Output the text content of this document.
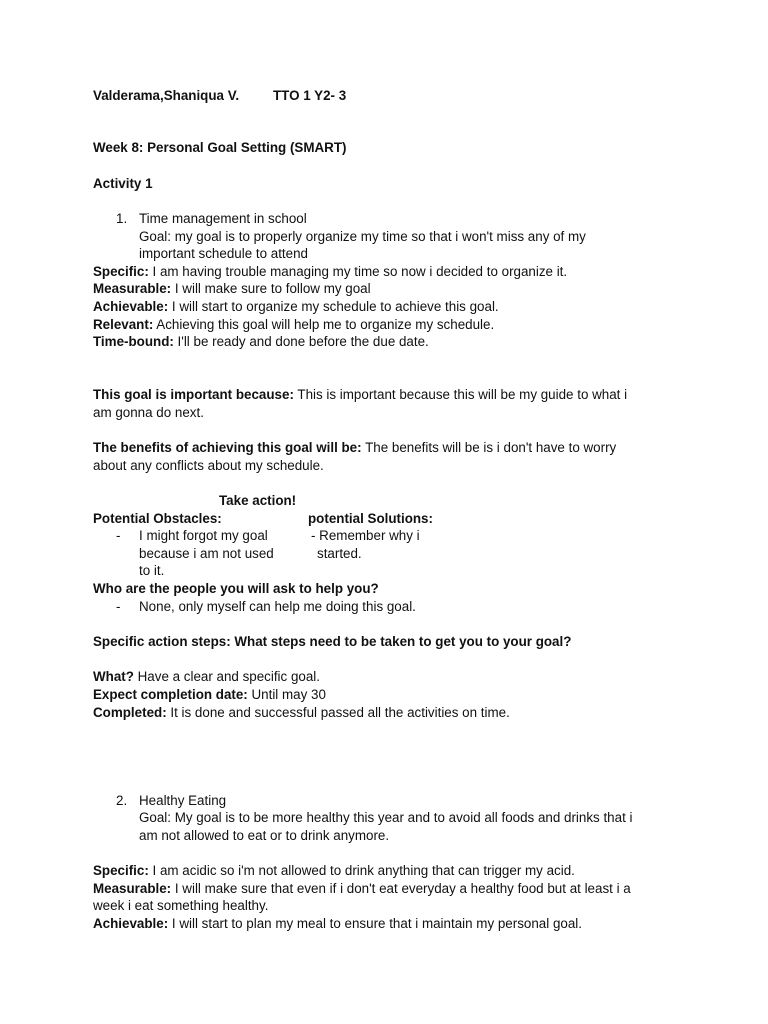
Valderama,Shaniqua V.	TTO 1 Y2- 3
Week 8: Personal Goal Setting (SMART)
Activity 1
1. Time management in school
Goal: my goal is to properly organize my time so that i won't miss any of my
important schedule to attend
Specific: I am having trouble managing my time so now i decided to organize it.
Measurable: I will make sure to follow my goal
Achievable: I will start to organize my schedule to achieve this goal.
Relevant: Achieving this goal will help me to organize my schedule.
Time-bound: I'll be ready and done before the due date.
This goal is important because: This is important because this will be my guide to what i
am gonna do next.
The benefits of achieving this goal will be: The benefits will be is i don't have to worry
about any conflicts about my schedule.
Take action!
Potential Obstacles:	potential Solutions:
- I might forgot my goal
because i am not used
to it.
- Remember why i
started.
Who are the people you will ask to help you?
- None, only myself can help me doing this goal.
Specific action steps: What steps need to be taken to get you to your goal?
What? Have a clear and specific goal.
Expect completion date: Until may 30
Completed: It is done and successful passed all the activities on time.
2. Healthy Eating
Goal: My goal is to be more healthy this year and to avoid all foods and drinks that i
am not allowed to eat or to drink anymore.
Specific: I am acidic so i'm not allowed to drink anything that can trigger my acid.
Measurable: I will make sure that even if i don't eat everyday a healthy food but at least i a
week i eat something healthy.
Achievable: I will start to plan my meal to ensure that i maintain my personal goal.
